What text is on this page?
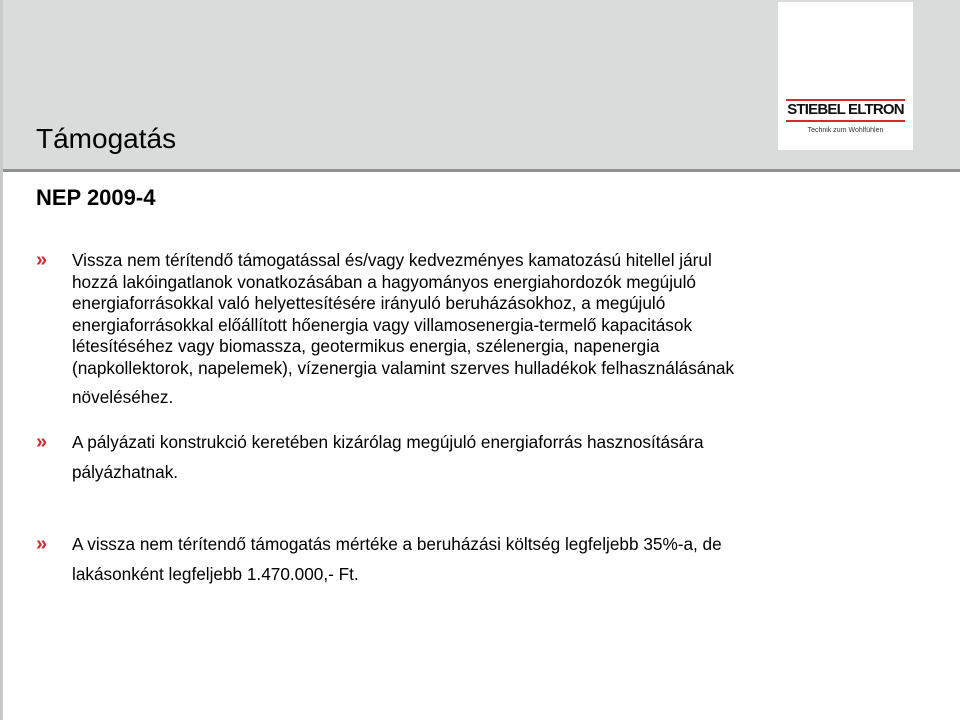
STIEBEL ELTRON
Technik zum Wohlfühlen
Támogatás
NEP 2009-4
»	Vissza nem térítendő támogatással és/vagy kedvezményes kamatozású hitellel járul
hozzá lakóingatlanok vonatkozásában a hagyományos energiahordozók megújuló
energiaforrásokkal való helyettesítésére irányuló beruházásokhoz, a megújuló
energiaforrásokkal előállított hőenergia vagy villamosenergia-termelő kapacitások
létesítéséhez vagy biomassza, geotermikus energia, szélenergia, napenergia
(napkollektorok, napelemek), vízenergia valamint szerves hulladékok felhasználásának
növeléséhez.
»	A pályázati konstrukció keretében kizárólag megújuló energiaforrás hasznosítására
pályázhatnak.
»	A vissza nem térítendő támogatás mértéke a beruházási költség legfeljebb 35%-a, de
lakásonként legfeljebb 1.470.000,- Ft.
